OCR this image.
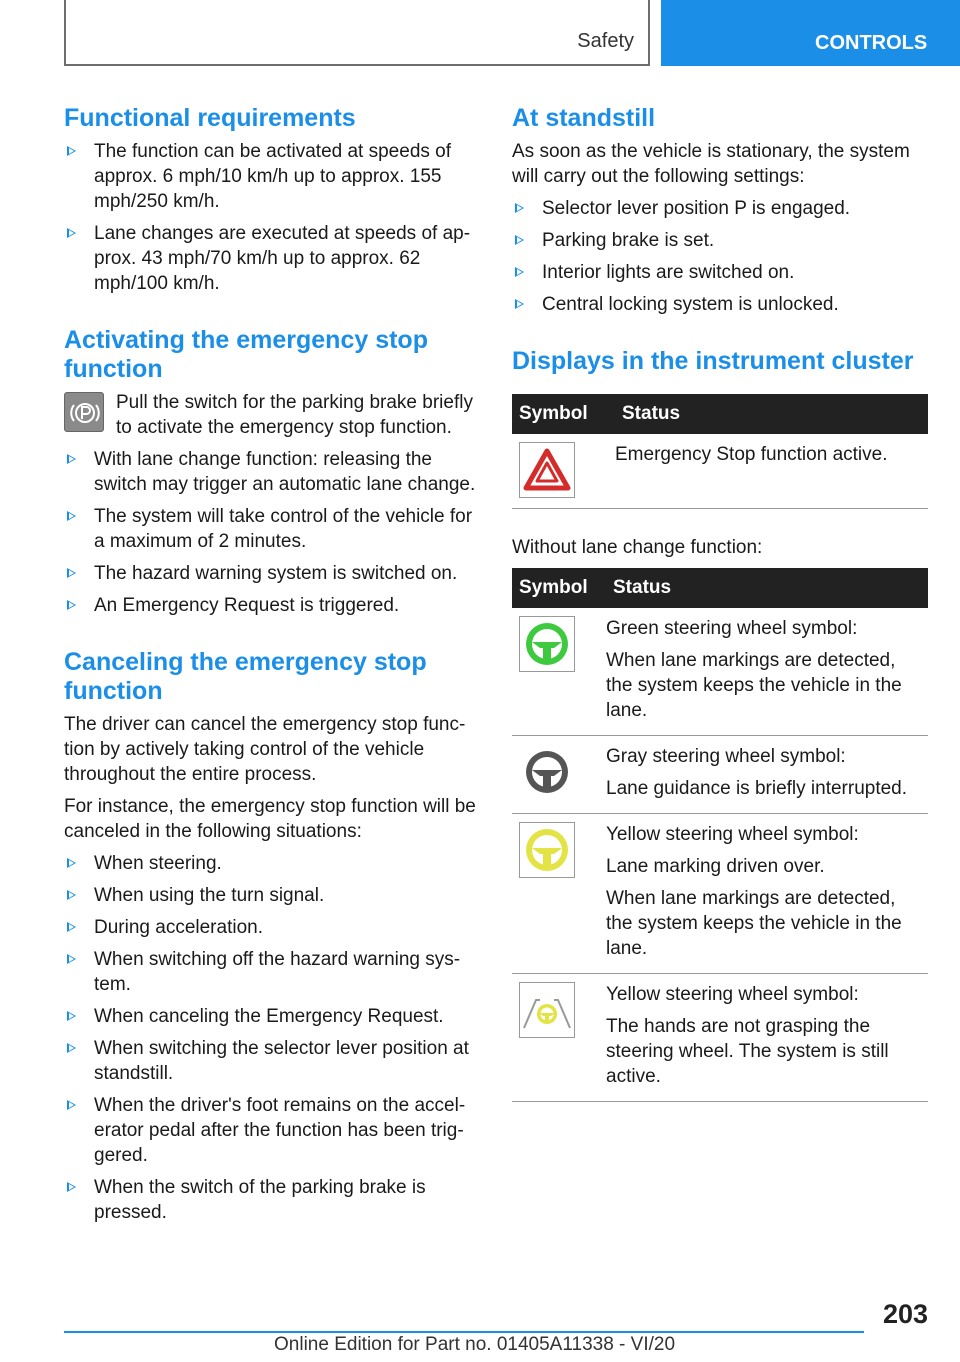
Safety	CONTROLS
Functional requirements
The function can be activated at speeds of approx. 6 mph/10 km/h up to approx. 155 mph/250 km/h.
Lane changes are executed at speeds of approx. 43 mph/70 km/h up to approx. 62 mph/100 km/h.
Activating the emergency stop function

Pull the switch for the parking brake briefly to activate the emergency stop function.

With lane change function: releasing the switch may trigger an automatic lane change.
The system will take control of the vehicle for a maximum of 2 minutes.
The hazard warning system is switched on.
An Emergency Request is triggered.
Canceling the emergency stop function

The driver can cancel the emergency stop function by actively taking control of the vehicle throughout the entire process.

For instance, the emergency stop function will be canceled in the following situations:

When steering.
When using the turn signal.
During acceleration.
When switching off the hazard warning system.
When canceling the Emergency Request.
When switching the selector lever position at standstill.
When the driver's foot remains on the accelerator pedal after the function has been triggered.
When the switch of the parking brake is pressed.
At standstill

As soon as the vehicle is stationary, the system will carry out the following settings:

Selector lever position P is engaged.
Parking brake is set.
Interior lights are switched on.
Central locking system is unlocked.
Displays in the instrument cluster
Symbol	Status

Emergency Stop function active.

Without lane change function:

Symbol	Status

Green steering wheel symbol:

When lane markings are detected, the system keeps the vehicle in the lane.

Gray steering wheel symbol:

Lane guidance is briefly interrupted.

Yellow steering wheel symbol:

Lane marking driven over.

When lane markings are detected, the system keeps the vehicle in the lane.

Yellow steering wheel symbol:

The hands are not grasping the steering wheel. The system is still active.

203
Online Edition for Part no. 01405A11338 - VI/20
